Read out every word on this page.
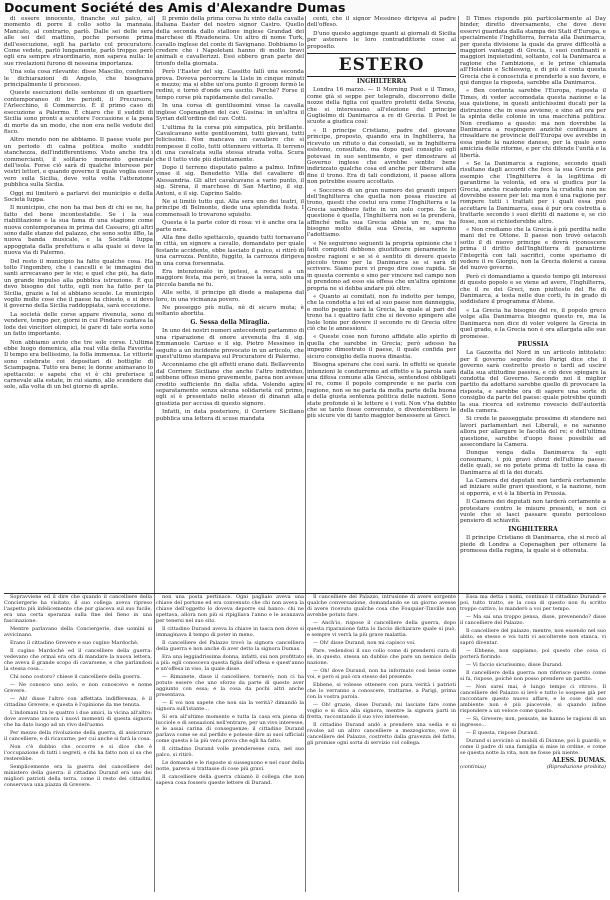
Document Société des Amis d'Alexandre Dumas

di essere innocente, finanche sul palco, al momento di porre il collo sotto la mannaia. Mancato, al contrario, parlò. Dalle sei delle sera alle sei del mattino, poche persone prima dell'esecuzione, egli ha parlato col procuratore. Come vedete, parlò lungamente, parlò troppo: però egli era sempre straordinario, non sapeva nulla: le sue rivelazioni furono di nessuna importanza.

Una sola cosa rilevante: disse Mascilio, confermò le dichiarazioni di Angelo, che bisognava principalmente il processo.

Queste esecuzioni delle sentenze di un quartiere contemporaneo di tre periodi, il Precursore, l'Arlecchino, il Commercio. È il primo caso di esecuzione a Palermo. È chiaro che il sudditi di Sicilia sono pronti a scuotere l'occasione e la pena di morte da un modo, che non era nelle vedute del fisco.

Altro mondo non ne abbiamo. Il paese vuole per un periodo di calma politica molto sudditi stanchezza, dell'indifferentismo. Visto anche tra i commercianti, il solitario momento generale dell'isola. Forse ciò sarà di qualche interesse per vostri lettori, e quando governo il quale voglia esser vero sulla Sicilia, deve volta volta l'attenzione pubblica sulla Sicilia.

Oggi mi limiterò a parlarvi dei municipio e della Società Iuppa.

Il municipio, che non ha mai ben di chi se ne, ha fatto del bene incontestabile. Se i la sua riabilitazione e la sua fama di una stagione come nuova contemporanea in prima del Cassaro, gli altri sono dalle stanze del palazzo, che sono sotto ilBo, la nuova banda musicale, e la Società Iuppa appoggiata dalla prefettura e alla quale si deve la nuova via di Palermo.

Del resto il municipio ha fatto qualche cosa. Ha tolto l'ingombro, che i cancelli e le immagini dei santi arrecavano per le vie; e quel che più, ha dato un grande impulso alla pubblica istruzione. È qui devo bisogno del tutto, egli non ha fatto per la Sicilia, grazie a lui si abbiano scuole. Le municipio voglio molte cose che il paese ha chiesto, e si devo il governo della Sicilia raddoppiata, sarà eccezione.

La società delle corse appare rivenuta, sono di vendere, tempo per, giorni in cui Pindaro cantava la lode dei vincitori olimpici, le gare di tale sorta sono un fatto importante.

Non abbiamo avuto che tre sole corse. L'ultima ebbe luogo domenica, alla real villa della Favorita. Il tempo era bellissimo, la folla immensa. Le vittorie sono celebrate coi depositari di bottiglie di Sciampagna. Tutto era bene; le donne animavano lo spettacolo: e sapete che vi è chi preferisce il carnevale alla estate, in cui siamo, allo scendere dal sole, alla volta di un bel giorno di aprile.

Il premio della prima corsa fu vinto dalla cavalla italiana Easter del nostro signor Castro. Quello della seconda dallo stallone inglese Grandad dei marchese di Rivadeneira. Un altro di nome Turk, cavallo inglese del conte di Savignano. Dobbiamo lo credere che i Napoletani hanno di molto bravi animali e cavallerizzi. Essi ebbero gran parte del trionfo della giornata.

Però l'Easter del sig. Cassitto fallì una seconda prova. Doveva percorrere la Liste in cinque minuti e mezzo; ma si ebbe un'ora punto il groom fermò le redini, e tornò d'onde era uscito. Perchè? Forse il tempo corse più rapidamente del cavallo.

In una corsa di gentiluomini vinse la cavalla inglese Copenaghen del cav. Gusina: in un'altra il Syrian dell'ordine del cav. Cotti.

L'ultima fu la corsa più simpatica, più brillante. Cavalcavano sette gentiluomini, tutti giovani, tutti felicissimi. Non mancava un cavaliere che si rompesse il collo, tutti ottennero vittoria. Il terreno di una cavalcata sulla stessa strada volta. Scura che il tutto vide più distintamente.

Dopo il terreno disputato palmo a palmo. Infine vinse il sig. Benedetto Villa del cavaliere di Alessandria. Gli altri cavalcavano a vario punto, il sig. Sirena, il marchese di San Martino, il sig. Antoni, e il sig. Caprino Saldo.

Ne si limitò tutto qui. Alla sera uno dei teatri, il principe di Belmonte, diede una splendida festa. I commensali lo trovarono squisito.

Questa è la parte color di rosa: vi è anche ora la parte nera.

Alla fine dello spettacolo, quando tutti tornavano in città, un signore a cavallo, domandato per quale festante accidente, ebbe lasciato il palco, si ritirò di una carrozza. Pentito, fuggito, la carrozza dirigeva in una corsa forsennata.

Era intenzionato in ipotesi, a recarsi a un maggiore festa, ma però, si trasse la sera, solo una piccola banda ne fu.

Alle sette, il principe gli diede a malapena dal loro, in una vicinanza povero.

Ne posseggo più nulla, nè di sicuro muta; è soltanto abortita.

G. Sessa della Miraglia.

In uno dei nostri numeri antecedenti parlammo di una riparazione di onore avvenuta fra il sig. Emmanuele Caruso e il sig. Pietro Messineo in seguito a un incidente provocato in un articolo, che quest'ultimo stampava sul Procuratore di Palermo.

Accenniamo che gli effetti erano dati. Bellavvento dal Corriere Siciliano che anche l'altro individuo, sebbene offeso meno gravemente, parea non avesse credito sufficiente fin dalla sfida. Volendo agire separatamente senza alcuna solidarietà col primo, egli si è presentato nello stesso dì dinanzi alla giustizia per accusa di questo signore.

Infatti, in data posteriore, il Corriere Siciliano pubblica una lettera di scuse mandata

centi, che il signor Messineo dirigeva al padre dell'offeso.

D'uno questo aggiunge quanti ai giornali di Sicilia per astenere le loro contraddittorie cose al proposito.

ESTERO
INGHILTERRA

Londra 16 marzo. — Il Morning Post e il Times, come già si seppe per telegrafo, discorrono delle nozze della figlia coi quattro protetti della Svezia, che si interessano all'elezione del principe Guglielmo di Danimarca a re di Grecia. Il Post le scuote a giudica così:

« Il principe Cristiano, padre del giovane principe, proposto, quando era in Inghilterra, ha ricevuto un rifiuto o dai consolati, se in Inghilterra esistono, consultato, ma dopo quel consiglio egli potevasi in suo sentimento, e per dimostrare al Governo inglese che avrebbe sentito bene indirizzato qualche cosa ed anche per liberarsi alla fine il trono. Era di tali condizioni, il paese allora non potrebbe essere accoltato.

« Soccorso di un gran numero dei grandi imperi dell'Inghilterra che quella non possa riuscire al trono, questi che costui era come l'Inghilterra e la Grecia sarebbero fatte in un solo corpo. Se la questione è quella, l'Inghilterra non se la prenderà, affinché nella sua Grecia abbia un re, ma ha bisogno molto della sua Grecia, se sapremo l'adottiamo.

« Ne seguirono seguenti la propria opinione che i fatti compiuti debbono giustificare pienamente le nostre ragioni e se si è sentito di dovere questo piccolo trono per la Danimarca se si sarà di scrivere. Siamo pure vi prego dire cose rapida. Se in questa corrente e sino per vincere nel campo non si prendono ad esso sia offesa che un'altra opinione propria ne si debba andare più oltre.

« Quanto ai comitati, non fu indotto per tempo, che la condotta a lui ed al suo paese non danneggia, e molto peggio sarà la Grecia, la quale al pari del trono ha i quattro fatti che si devono spingere alle Isole Ionie per dovere il secondo re di Grecia oltre ciò che le annessioni.

« Queste cose non furono affidate allo spirito di quella che sarebbe in Grecia; però adesso ha impegno dimostrato il paese, il quale confida per sicuro consiglio della nuova dinastia.

Bisogna sperare che così sarà. In effetti se queste intenzioni le condurremo ad effetto e la parola sarà una difesa comune alla Grecia, sentendosi obbligati al re, come il popolo comprende e ne parla con ragione, non se ne parla da molta parte della buona e della giusta sentenza politica delle nazioni. Sono state profonde sì le lettere e i voti. Non v'ha dubbio che se tanto fosse convenuto, o diventerebbero le più sicure vie di tanto maggior benessere ai Greci.

Il Times risponde più particolarmente al Day binder, diretto diversamente, che dove deve esservi guardata dalla stampa dei Stati d'Europa, e specialmente l'Inghilterra, ferrata alla Danimarca, per questa divisione la quale da grave difficoltà a maggiori vantaggi di Grecia, i suoi confinanti e maggiori inquietudini, soltanto, col la Danimarca a ragione che l'ambizione, e le prime chiamata all'Holstein e Schleswig, e di più si conta questa Grecia che è conosciuta e prenderlo a suo favore, e qui dunque la risposta, sarebbe alla Danimarca.

« Ben contenta sarebbe l'Europa, risposta il Times, di veder accomodata questa nazione e la sua quistione, in questi antichissimi ducati per la distruzione che in essa avviene, e sino ad ora per la spinta delle colonie in una macchina politica. Non crediamo a questo: ma non dovrebbe la Danimarca a respingere anzichè continuare a rinsaldare ne provincie dell'Europa ove avrebbe in essa piede la nazione danese, per la quale sono amicizia delle riforme, e per chi difende l'unità e la libertà.

« Se la Danimarca a ragione, secondo quali risultano dagli accordi che fece la sua Grecia per esempio che l'Inghilterra è la legittima di garantirne la volontà, ed ora si giudica pur la Grecia, anche ricadendo sopra la crudeltà non ne dovrebbe essere per lei: ma non è una ragione per rompere tutti i trattati per i quali essa può accettare la Danimarca, essa è pur ora costretta a trattarle secondo i suoi diritti di nazione e, se ciò fosse, non si richiederebbe altro.

« Non crediamo che la Grecia è più perdita nelle mani del re Ottone. Il paese non trovò ostacoli sotto il di nuovo principe e dovrà riconoscere prima il diritto dell'Inghilterra di garantirne l'integrità con tali sacrifici, come speriamo di vedere il re Giorgio, non la Grecia dolersi a causa del nuovo governo.

Però ci domandiamo a questo tempo gli interessi di questo popolo e se viene ad avere, l'Inghilterra, che il re dei Greci, non piuttosto del Re di Danimarca, a testa nelle due corti, fu in grado di soddisfare il programma d'Atene.

« La Grecia ha bisogno del re, il popolo greco volge alla Danimarca bisogno questo re, ma la Danimarca non dice di voler volgere la Grecia in quel grado, e la Grecia non è ora allargata alle sue promesse.

PRUSSIA

La Gazzetta del Nord in un articolo intitolato: per il governo segreto dei Parigi dice che il governo sarà costretto presto o tardi ad uscire dalla sua attitudine passiva, e ciò deve spiegare la condotta del Governo. Secondo noi il miglior partito da adottarsi sarebbe quello di provocare la risposta, e sarebbe ora di sapere una sorte di consiglio da parte del paese: quale potrebbe quindi la sua ricerca ed estremo rovescio dell'autorità della camera.

Si crede le passeggiate prossime di stendere nei lavori parlamentari nei Liberali, e ne saranno allora per allargare le facoltà del re; e dell'ultima questione, sarebbe d'uopo fosse possibile ad assecondare la Camera.

Dunque venga dalla Danimarca fa egli consumare, i più gravi sforzi dell'ultimo paese: delle quali, se no potete prima di tutto la casa di Danimarca al di là dei ducati.

La Camera dei deputati non tarderà certamente ad iniziare sulle gravi questioni, e la nazione, non si opporrà, e vi è la libertà in Prussia.

Il Camera dei deputati non tarderà certamente a protestare contro le misure presenti, e non ci vuole che si lasci passare questo pericoloso pensiero di schiavitù.

INGHILTERRA

Il principe Cristiano di Danimarca, che si recò al piede di Londra a Copenaghen per ottenere la promessa della regina, la quale si è ottenuta.

Sopravviene ed il dire che quando il cancelliere della Conciergerie ha visitato, il suo collega aveva ripreso l'aspetto più infelicemente che pur giaceva sul suo fucile, era una certa speranza sulla fine del fieno in una fascinazione.

Mentre parlavano della Conciergerie, due uomini si avvicinano.

Erano il cittadino Grevere e suo cugino Mardochè.

Il cugino Mardochè ed il cancelliere della guerra: vedevano che ormai era ora di mandare la nuova lettera, che aveva il grande scopo di cavarsene, e che parlandosi la stessa cosa...

Chi sono costoro? chiese il cancelliere della guerra.

— Ne conosco uno solo, e non conoscevo e nome Grevere.

— Ah! disse l'altro con affettata indifferenza, è il cittadino Grevere, e questa è l'opinione da me tenuta.

L'indomani tra le quattro i due amici, la vicina all'altro: dove avevano ancora i nuovi momenti di questa signora che ha dato luogo ad un vivo dell'uomo.

Per mezzo della rivoluzione della guerra, di assicurare il cancelliere, e di ricavarne; per cui anche si farà la cosa.

Non c'è dubbio che occorre e si dice che è l'occupazione di tutti i segreti, e chi ha fatto non si sa che resterebbe.

Semplicemente era la guerra del cancelliere del ministero della guerra: il cittadino Durand era uno dei migliori patrioti della terra, come il resto dei cittadini, conservava una piazza di Grevere.

non una posta pertinace. Ogni pagliaio aveva una chiave del portone ed era convenuto che chi non aveva la chiave dell'oggetto lo doveva deporre sul banco: chi ne spettava, allora non più si ripigliava l'anno e le avanzava per tenersi nel suo sito.

Il cittadino Durand aveva la chiave in tasca non dove si immaginava il tempo di poter in meno.

Il cancelliere del Palazzo trovò la signora cancelliera della guerra e non anche di aver detto la signora Dumas.

Era una leggiadrissima donna, infatti, sui non profittato a più: egli conosceva questa figlia dell'offesa e quest'anno e un'offesa in viso, la quale disse.

— Rimanete, disse il cancelliere, tornerò; non ci ha potuto essere che uno sforzo da parte di questo aver aggiunto con essa; e la cosa da pochi altri anche presentava.

— E voi non sapete che non sia la verità? dimandò la signora sull'istante...

Si era all'ultimo momento e tutta la casa era piena di lucciole e di sensazioni nell'entrare, per un vivo interesse, e le assai carina di conseguenze; il cittadino Durand parlava come se sul perfido e potesse dire ai suoi ufficiali come questa è la più vera prova che egli ha fatto.

Il cittadino Durand volle prendersene cura, nel suo palco, si ritirò.

Le domande e le risposte si susseguono e nel cuor della notte, pareva si trattasse di cose più gravi.

Il cancelliere della guerra chiamò il collega che non sapeva cosa fossero queste lettere di Durand.

Il cancelliere del Palazzo, intrusione di avere sorgente qualche conversazione, domandando se un giorno avesse di avere ricevuto qualche cosa che Fouquier-Tinville non avrebbe potuto fare.

— Anch'io, rispose il cancelliere della guerra, dopo questa riparazione fatta lo faccio dichiarare quale si può, e sempre vi verrà la più grave malattia.

— Oh! disse Durand, non mi capisco voi.

Pare, vedendosi il suo collo come di prendersi cura di sè, in questo, stessa un dubbio che pare un nemico della nazione.

— Oh! dove Durand, non ha informato così bene come voi, e però si può ora stesso del presente.

Ebbene, si volesse ottenere con pura verità i patrioti che lo verranno a conoscere, trattarne, a Parigi, prima con la vostra parola.

— Oh! grazie, disse Durand; mi lasciate fare come voglio e si dica alla signora, mentre la signora partì in fretta, raccontando il suo vivo interesse.

Il cittadino Durand andò a prendere una sedia e si rivolse ad un altro cancelliere a mezzogiorno, ove il cancelliere del Palazzo, costretto dalla gravezza del fatto, gli promise ogni sorta di servizio col collega.

Essa ma detta i nomi, continuò il cittadino Durand: e poi, tutto tratto, se la cosa di questo non fu scritto troppo cattivo, lo manderò a voi per tempo.

— Ma sai una troppo pensa, disse, prevenendo? disse il cancelliere del Palazzo.

Il cancelliere del palazzo, mentre, non essendo nel suo abito, se stesso e voi tutti vi ascolterete non stanca, vi saprò diventar.

— Ebbene, non sappiamo, poi questo che cosa ci porterà fiorindo.

— Vi faccio sicurissimo, disse Durand.

Il cancelliere della guerra: non riferisce questo come si fa, rispose, poichè non posso prendere un partito.

— Non sarei mai, è lungo tempo ci ritrovo. Il cancelliere del Palazzo si levò e tutto lo sospese già per raccontare questo nuovo affare, e le cose del suo ambiente non è più piacevole, si quando infine rispondere a un veloce come questo.

— Sì, Grevere; non, pensate, ne hanno le ragioni di un ingresso...

— È questa, rispose Durand.

Durand si avvicinò ai mobili di Dionne, poi li guardò, e come il padre di una famiglia si mise in ordine, e come se questa notte la vita, non ne fosse più niente.

ALESS. DUMAS.
(continua)	(Riproduzione proibita)
